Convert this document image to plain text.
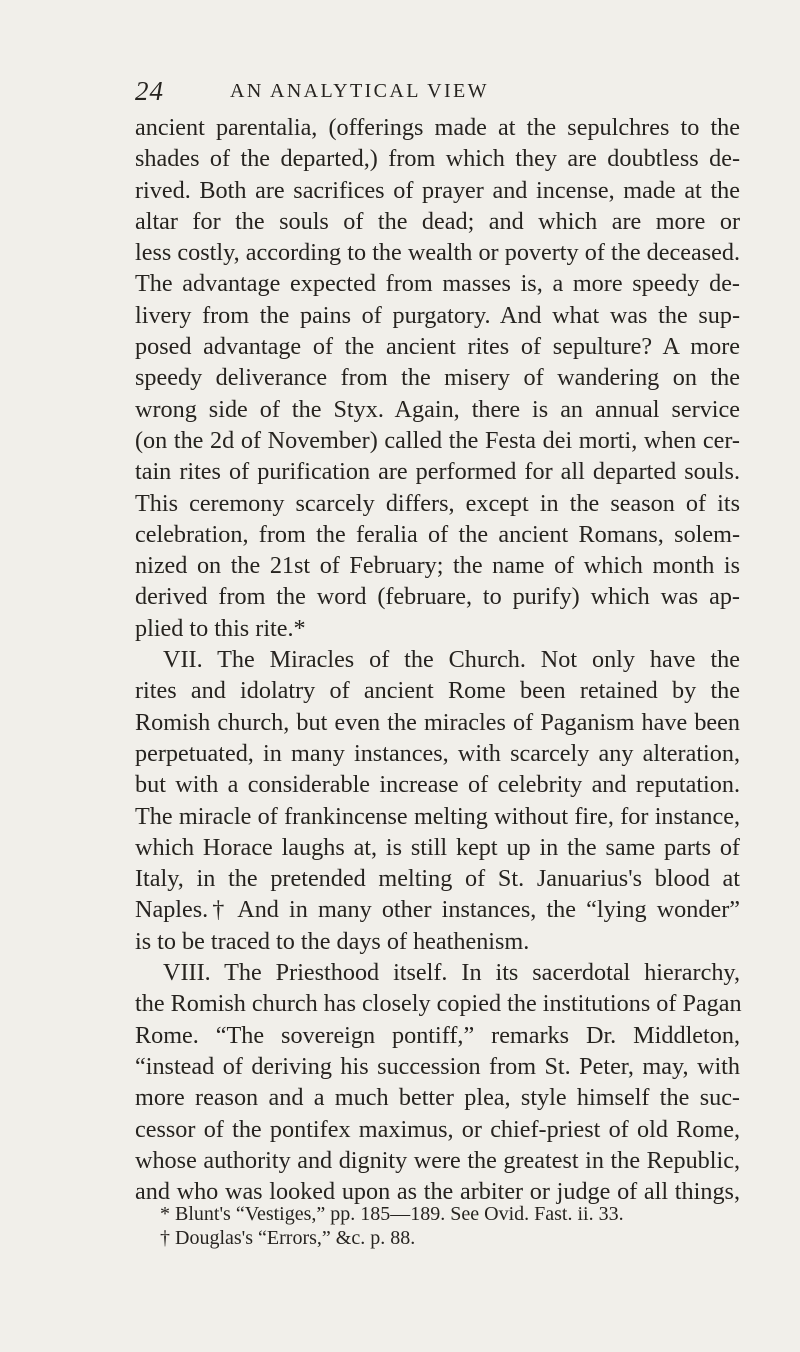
24	AN ANALYTICAL VIEW
ancient parentalia, (offerings made at the sepulchres to the
shades of the departed,) from which they are doubtless de-
rived. Both are sacrifices of prayer and incense, made at the
altar for the souls of the dead; and which are more or
less costly, according to the wealth or poverty of the deceased.
The advantage expected from masses is, a more speedy de-
livery from the pains of purgatory. And what was the sup-
posed advantage of the ancient rites of sepulture? A more
speedy deliverance from the misery of wandering on the
wrong side of the Styx. Again, there is an annual service
(on the 2d of November) called the Festa dei morti, when cer-
tain rites of purification are performed for all departed souls.
This ceremony scarcely differs, except in the season of its
celebration, from the feralia of the ancient Romans, solem-
nized on the 21st of February; the name of which month is
derived from the word (februare, to purify) which was ap-
plied to this rite.*
VII. The Miracles of the Church. Not only have the
rites and idolatry of ancient Rome been retained by the
Romish church, but even the miracles of Paganism have been
perpetuated, in many instances, with scarcely any alteration,
but with a considerable increase of celebrity and reputation.
The miracle of frankincense melting without fire, for instance,
which Horace laughs at, is still kept up in the same parts of
Italy, in the pretended melting of St. Januarius's blood at
Naples.† And in many other instances, the “lying wonder”
is to be traced to the days of heathenism.
VIII. The Priesthood itself. In its sacerdotal hierarchy,
the Romish church has closely copied the institutions of Pagan
Rome. “The sovereign pontiff,” remarks Dr. Middleton,
“instead of deriving his succession from St. Peter, may, with
more reason and a much better plea, style himself the suc-
cessor of the pontifex maximus, or chief-priest of old Rome,
whose authority and dignity were the greatest in the Republic,
and who was looked upon as the arbiter or judge of all things,
* Blunt's “Vestiges,” pp. 185—189. See Ovid. Fast. ii. 33.
† Douglas's “Errors,” &c. p. 88.
